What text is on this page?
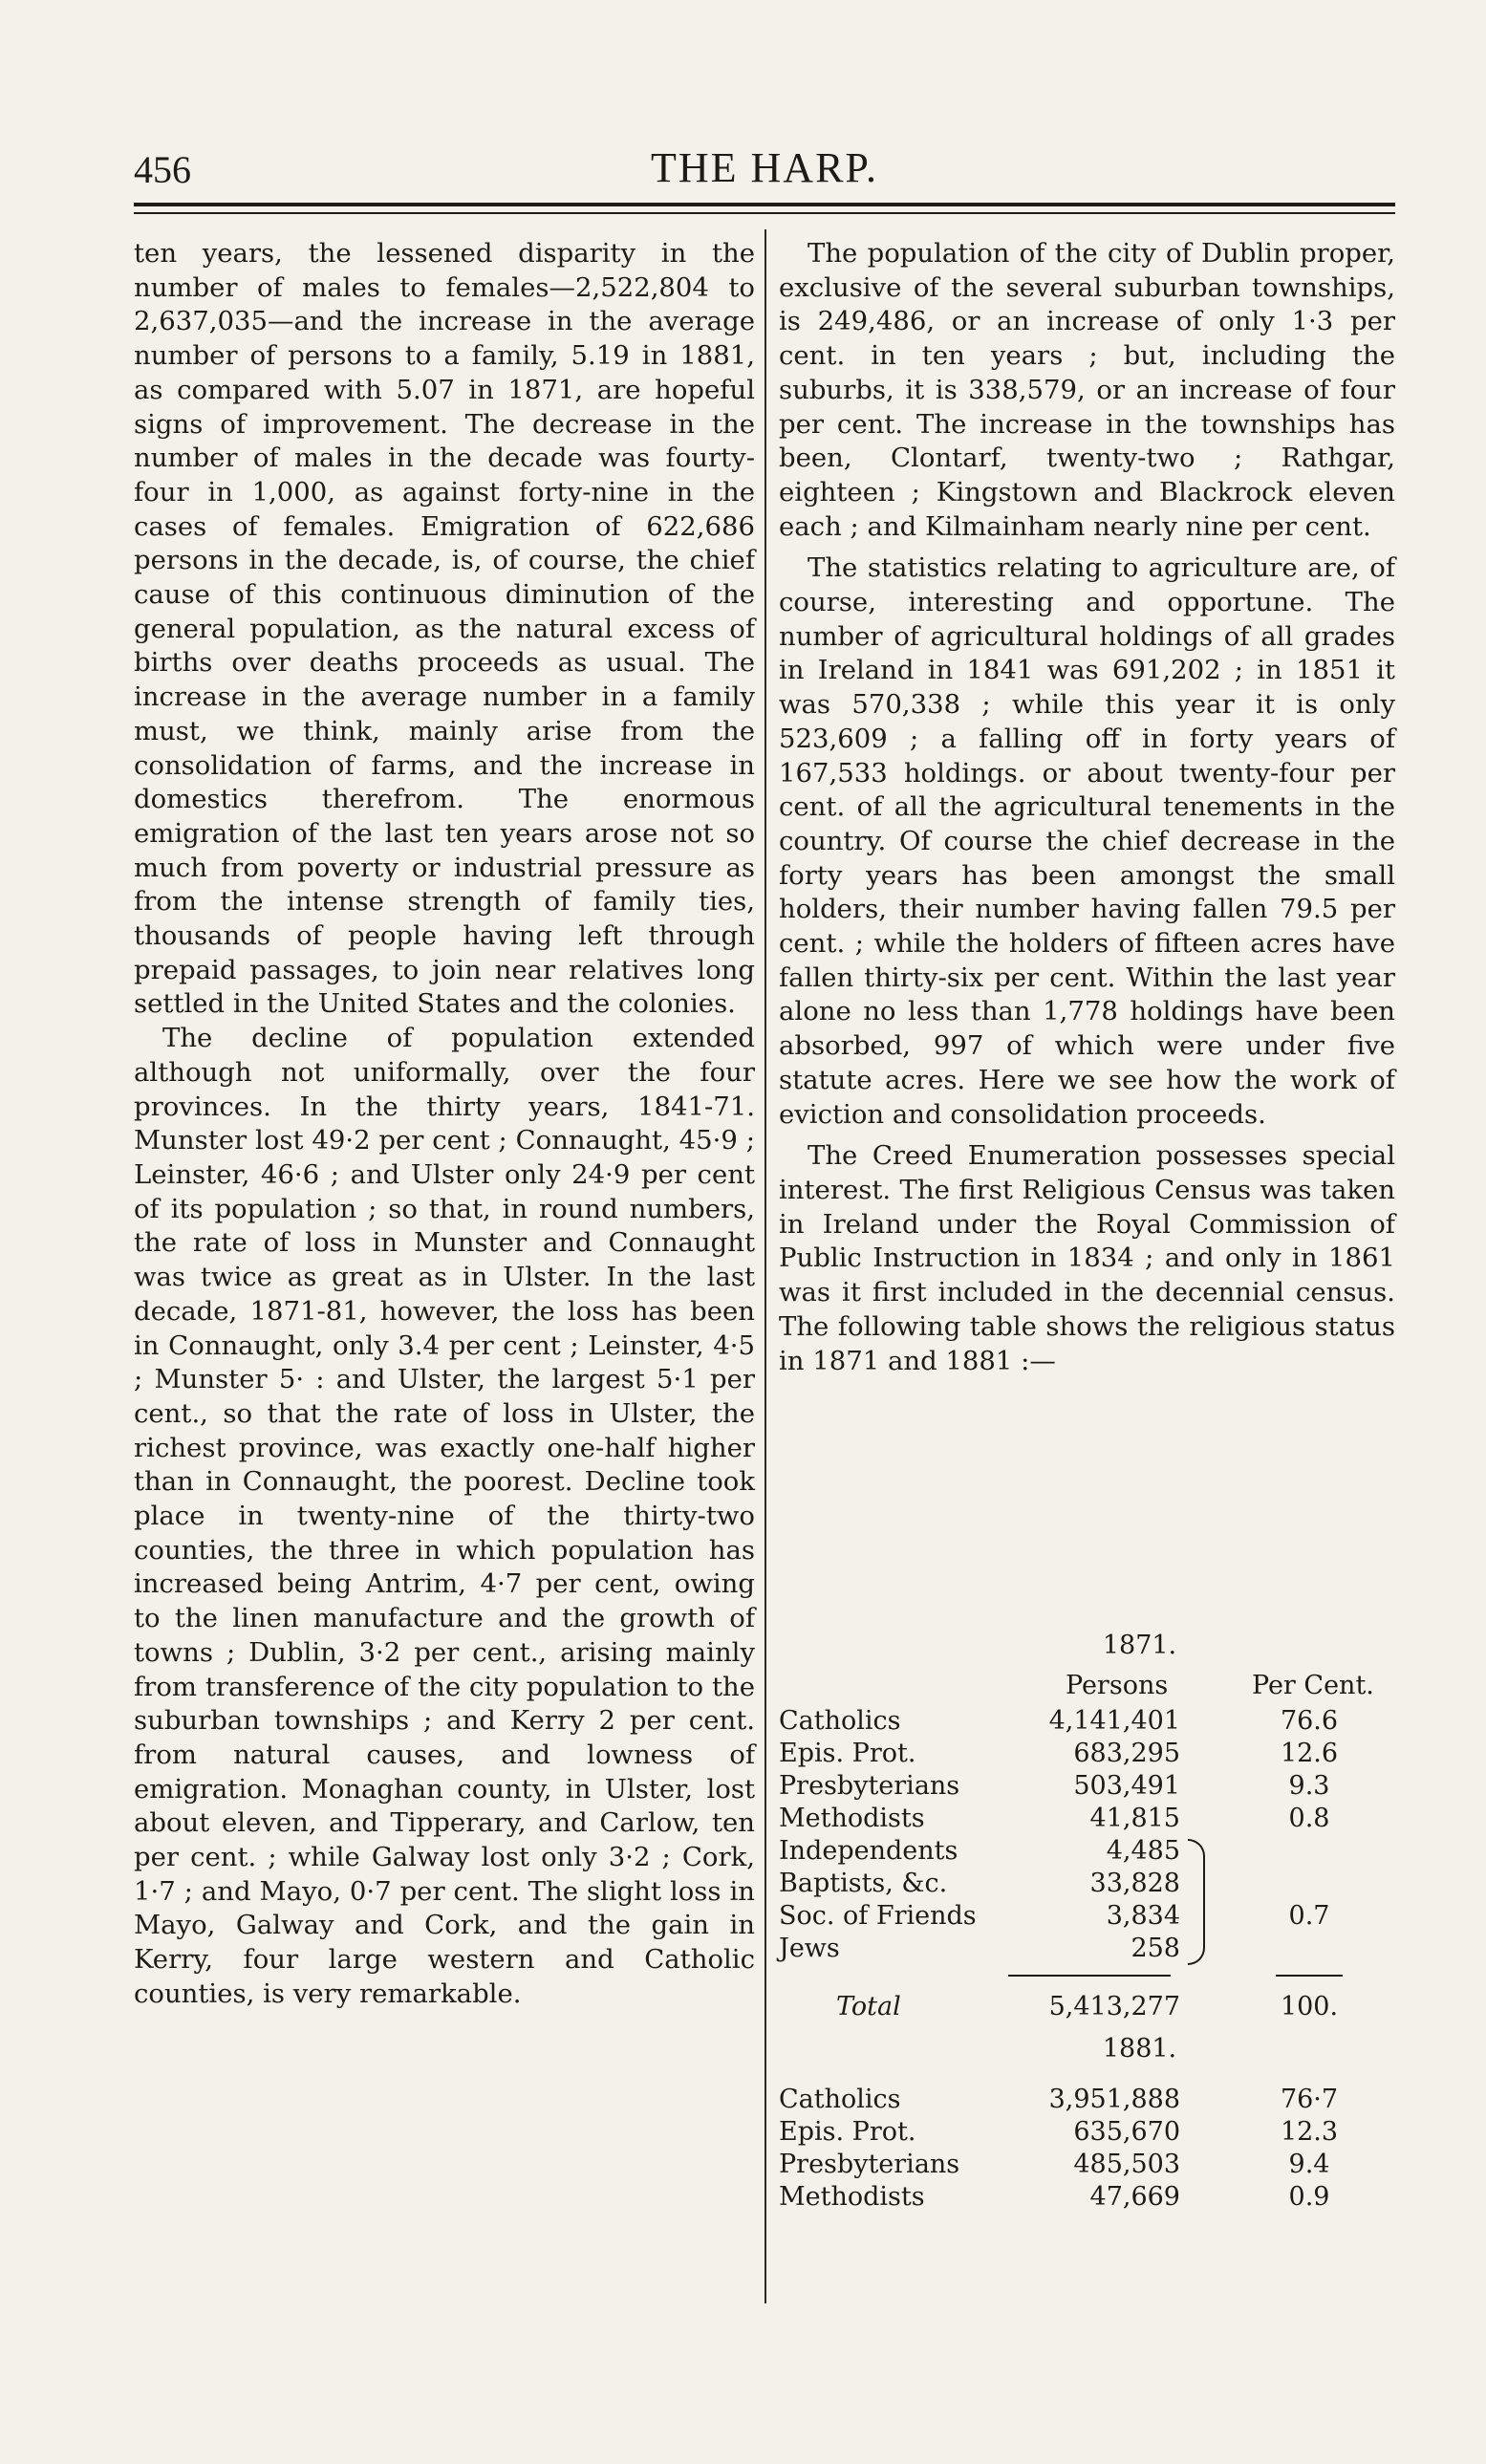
456	THE HARP.

ten years, the lessened disparity in the number of males to females—2,522,804 to 2,637,035—and the increase in the average number of persons to a family, 5.19 in 1881, as compared with 5.07 in 1871, are hopeful signs of improvement. The decrease in the number of males in the decade was fourty-four in 1,000, as against forty-nine in the cases of females. Emigration of 622,686 persons in the decade, is, of course, the chief cause of this continuous diminution of the general population, as the natural excess of births over deaths proceeds as usual. The increase in the average number in a family must, we think, mainly arise from the consolidation of farms, and the increase in domestics therefrom. The enormous emigration of the last ten years arose not so much from poverty or industrial pressure as from the intense strength of family ties, thousands of people having left through prepaid passages, to join near relatives long settled in the United States and the colonies.

The decline of population extended although not uniformally, over the four provinces. In the thirty years, 1841-71. Munster lost 49·2 per cent ; Connaught, 45·9 ; Leinster, 46·6 ; and Ulster only 24·9 per cent of its population ; so that, in round numbers, the rate of loss in Munster and Connaught was twice as great as in Ulster. In the last decade, 1871-81, however, the loss has been in Connaught, only 3.4 per cent ; Leinster, 4·5 ; Munster 5· : and Ulster, the largest 5·1 per cent., so that the rate of loss in Ulster, the richest province, was exactly one-half higher than in Connaught, the poorest. Decline took place in twenty-nine of the thirty-two counties, the three in which population has increased being Antrim, 4·7 per cent, owing to the linen manufacture and the growth of towns ; Dublin, 3·2 per cent., arising mainly from transference of the city population to the suburban townships ; and Kerry 2 per cent. from natural causes, and lowness of emigration. Monaghan county, in Ulster, lost about eleven, and Tipperary, and Carlow, ten per cent. ; while Galway lost only 3·2 ; Cork, 1·7 ; and Mayo, 0·7 per cent. The slight loss in Mayo, Galway and Cork, and the gain in Kerry, four large western and Catholic counties, is very remarkable.

The population of the city of Dublin proper, exclusive of the several suburban townships, is 249,486, or an increase of only 1·3 per cent. in ten years ; but, including the suburbs, it is 338,579, or an increase of four per cent. The increase in the townships has been, Clontarf, twenty-two ; Rathgar, eighteen ; Kingstown and Blackrock eleven each ; and Kilmainham nearly nine per cent.

The statistics relating to agriculture are, of course, interesting and opportune. The number of agricultural holdings of all grades in Ireland in 1841 was 691,202 ; in 1851 it was 570,338 ; while this year it is only 523,609 ; a falling off in forty years of 167,533 holdings. or about twenty-four per cent. of all the agricultural tenements in the country. Of course the chief decrease in the forty years has been amongst the small holders, their number having fallen 79.5 per cent. ; while the holders of fifteen acres have fallen thirty-six per cent. Within the last year alone no less than 1,778 holdings have been absorbed, 997 of which were under five statute acres. Here we see how the work of eviction and consolidation proceeds.

The Creed Enumeration possesses special interest. The first Religious Census was taken in Ireland under the Royal Commission of Public Instruction in 1834 ; and only in 1861 was it first included in the decennial census. The following table shows the religious status in 1871 and 1881 :—

1871.
Persons	Per Cent.
Catholics	4,141,401	76.6
Epis. Prot.	683,295	12.6
Presbyterians	503,491	9.3
Methodists	41,815	0.8
Independents	4,485
Baptists, &c.	33,828
Soc. of Friends	3,834	0.7
Jews	258
Total	5,413,277	100.
1881.
Catholics	3,951,888	76·7
Epis. Prot.	635,670	12.3
Presbyterians	485,503	9.4
Methodists	47,669	0.9
